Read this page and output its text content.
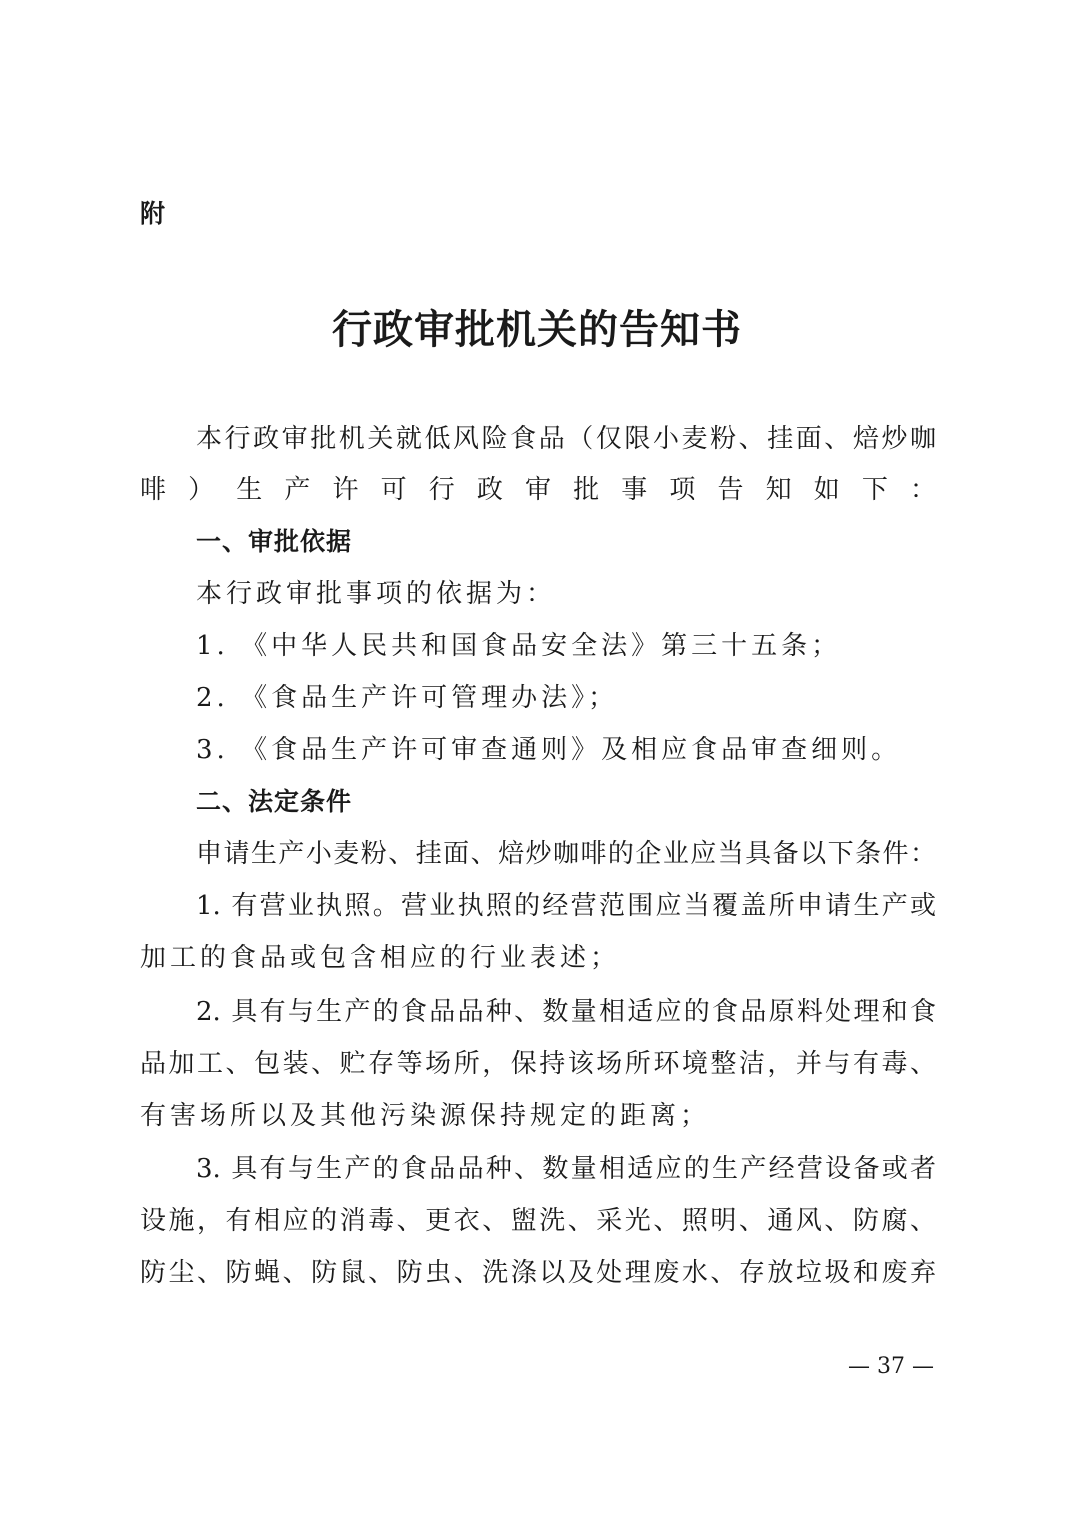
附

行政审批机关的告知书

本行政审批机关就低风险食品（仅限小麦粉、挂面、焙炒咖

啡）生产许可行政审批事项告知如下：

一、审批依据

本行政审批事项的依据为：

1. 《中华人民共和国食品安全法》第三十五条；

2. 《食品生产许可管理办法》；

3. 《食品生产许可审查通则》及相应食品审查细则。

二、法定条件

申请生产小麦粉、挂面、焙炒咖啡的企业应当具备以下条件：

1. 有营业执照。营业执照的经营范围应当覆盖所申请生产或

加工的食品或包含相应的行业表述；

2. 具有与生产的食品品种、数量相适应的食品原料处理和食

品加工、包装、贮存等场所，保持该场所环境整洁，并与有毒、

有害场所以及其他污染源保持规定的距离；

3. 具有与生产的食品品种、数量相适应的生产经营设备或者

设施，有相应的消毒、更衣、盥洗、采光、照明、通风、防腐、

防尘、防蝇、防鼠、防虫、洗涤以及处理废水、存放垃圾和废弃

— 37 —
